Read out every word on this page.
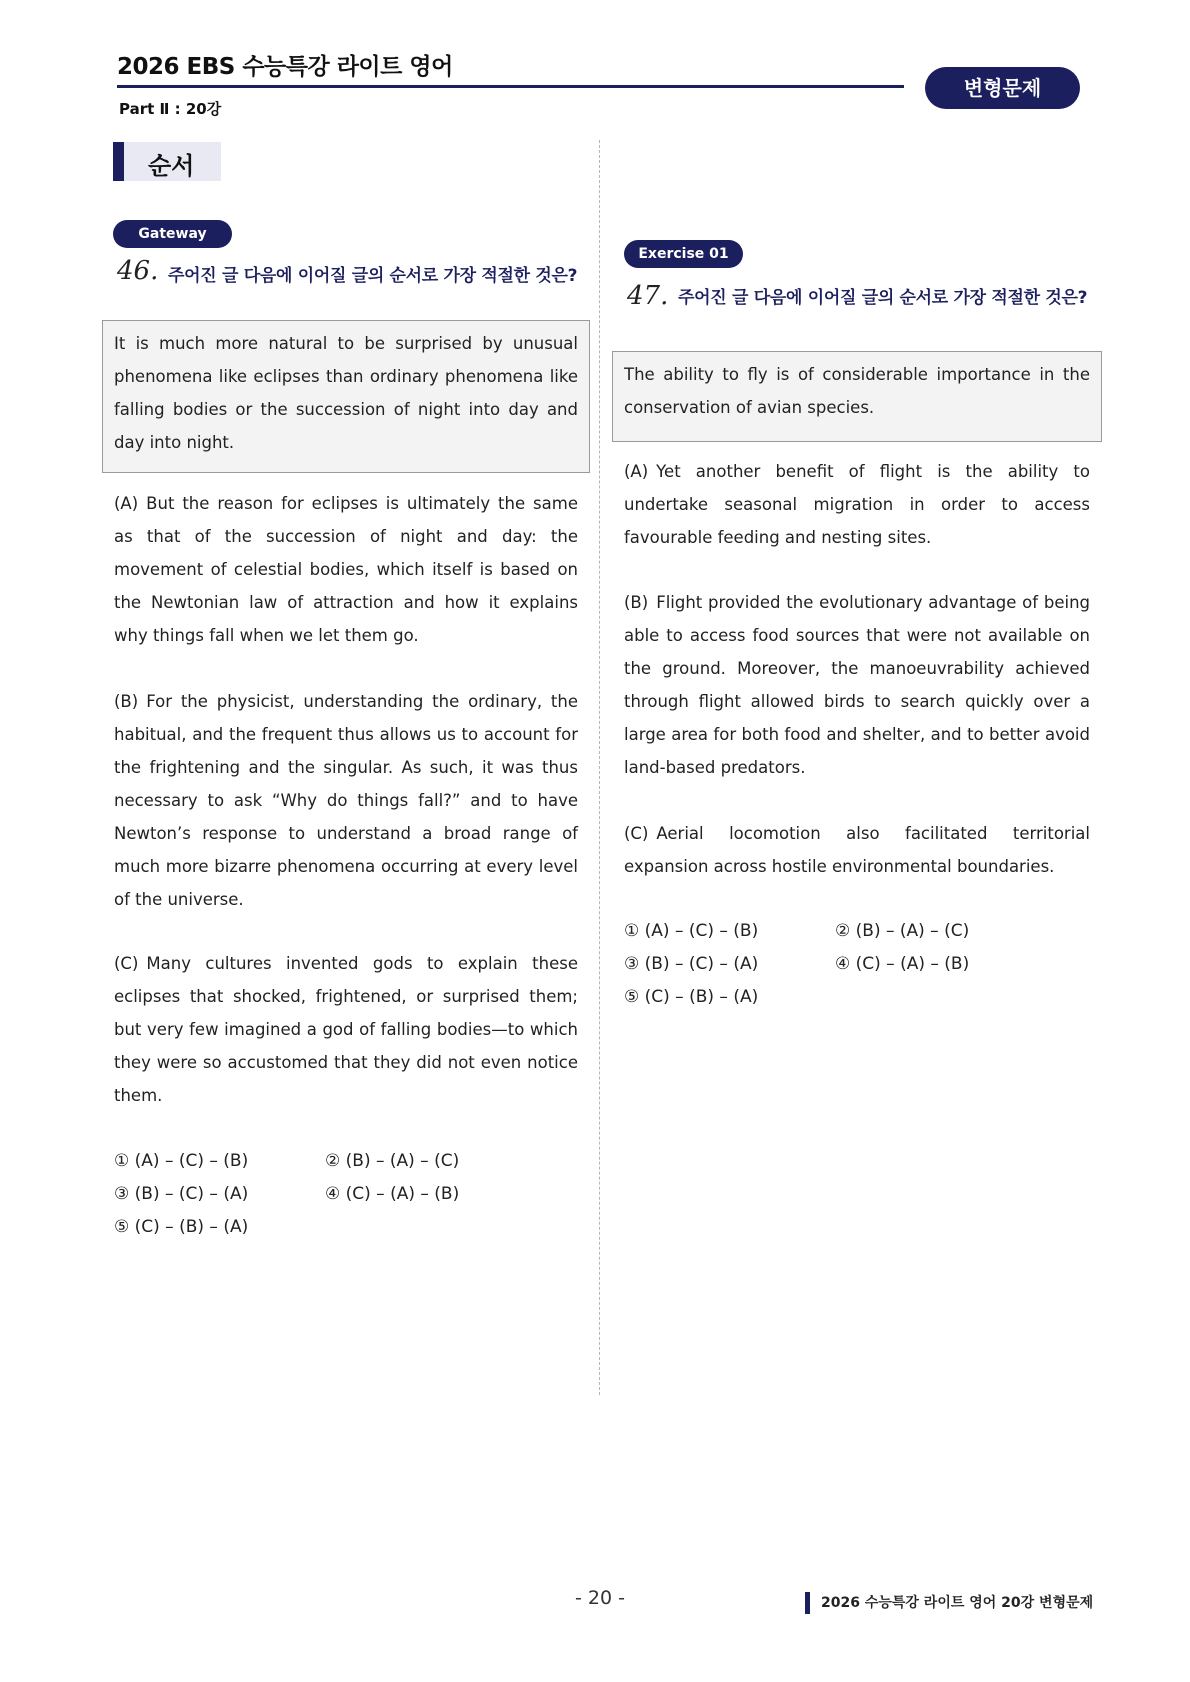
2026 EBS 수능특강 라이트 영어
Part Ⅱ : 20강
변형문제
순서
Gateway
46. 주어진 글 다음에 이어질 글의 순서로 가장 적절한 것은?
It is much more natural to be surprised by unusual phenomena like eclipses than ordinary phenomena like falling bodies or the succession of night into day and day into night.

(A) But the reason for eclipses is ultimately the same as that of the succession of night and day: the movement of celestial bodies, which itself is based on the Newtonian law of attraction and how it explains why things fall when we let them go.

(B) For the physicist, understanding the ordinary, the habitual, and the frequent thus allows us to account for the frightening and the singular. As such, it was thus necessary to ask “Why do things fall?” and to have Newton’s response to understand a broad range of much more bizarre phenomena occurring at every level of the universe.

(C) Many cultures invented gods to explain these eclipses that shocked, frightened, or surprised them; but very few imagined a god of falling bodies—to which they were so accustomed that they did not even notice them.

① (A) – (C) – (B)	② (B) – (A) – (C)
③ (B) – (C) – (A)	④ (C) – (A) – (B)
⑤ (C) – (B) – (A)
Exercise 01
47. 주어진 글 다음에 이어질 글의 순서로 가장 적절한 것은?
The ability to fly is of considerable importance in the conservation of avian species.

(A) Yet another benefit of flight is the ability to undertake seasonal migration in order to access favourable feeding and nesting sites.

(B) Flight provided the evolutionary advantage of being able to access food sources that were not available on the ground. Moreover, the manoeuvrability achieved through flight allowed birds to search quickly over a large area for both food and shelter, and to better avoid land-based predators.

(C) Aerial locomotion also facilitated territorial expansion across hostile environmental boundaries.

① (A) – (C) – (B)	② (B) – (A) – (C)
③ (B) – (C) – (A)	④ (C) – (A) – (B)
⑤ (C) – (B) – (A)
- 20 -	2026 수능특강 라이트 영어 20강 변형문제
